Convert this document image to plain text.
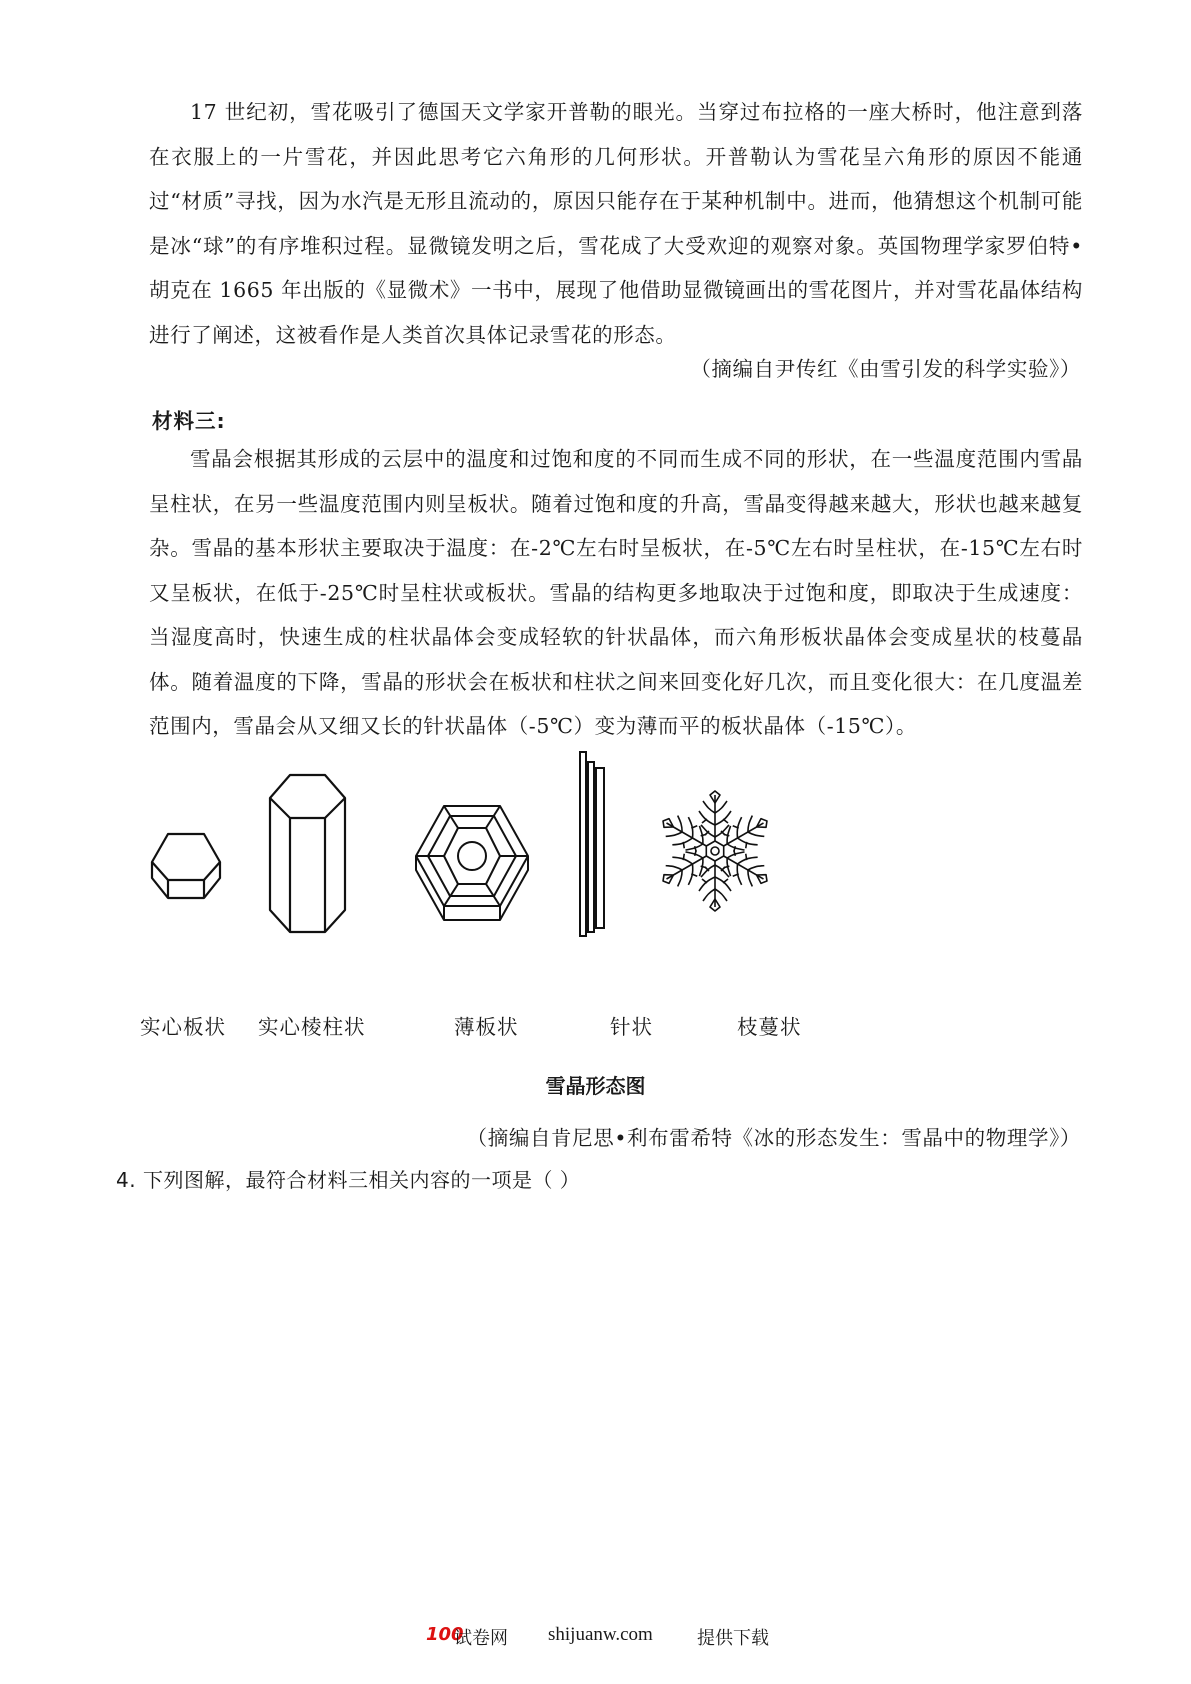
17 世纪初，雪花吸引了德国天文学家开普勒的眼光。当穿过布拉格的一座大桥时，他注意到落在衣服上的一片雪花，并因此思考它六角形的几何形状。开普勒认为雪花呈六角形的原因不能通过“材质”寻找，因为水汽是无形且流动的，原因只能存在于某种机制中。进而，他猜想这个机制可能是冰“球”的有序堆积过程。显微镜发明之后，雪花成了大受欢迎的观察对象。英国物理学家罗伯特•胡克在 1665 年出版的《显微术》一书中，展现了他借助显微镜画出的雪花图片，并对雪花晶体结构进行了阐述，这被看作是人类首次具体记录雪花的形态。
（摘编自尹传红《由雪引发的科学实验》）
材料三:
雪晶会根据其形成的云层中的温度和过饱和度的不同而生成不同的形状，在一些温度范围内雪晶呈柱状，在另一些温度范围内则呈板状。随着过饱和度的升高，雪晶变得越来越大，形状也越来越复杂。雪晶的基本形状主要取决于温度：在-2℃左右时呈板状，在-5℃左右时呈柱状，在-15℃左右时又呈板状，在低于-25℃时呈柱状或板状。雪晶的结构更多地取决于过饱和度，即取决于生成速度：当湿度高时，快速生成的柱状晶体会变成轻软的针状晶体，而六角形板状晶体会变成星状的枝蔓晶体。随着温度的下降，雪晶的形状会在板状和柱状之间来回变化好几次，而且变化很大：在几度温差范围内，雪晶会从又细又长的针状晶体（-5℃）变为薄而平的板状晶体（-15℃）。
实心板状 实心棱柱状	薄板状	针状	枝蔓状
雪晶形态图
（摘编自肯尼思•利布雷希特《冰的形态发生：雪晶中的物理学》）
4. 下列图解，最符合材料三相关内容的一项是（ ）
100
试卷网 shijuanw.com 提供下载
